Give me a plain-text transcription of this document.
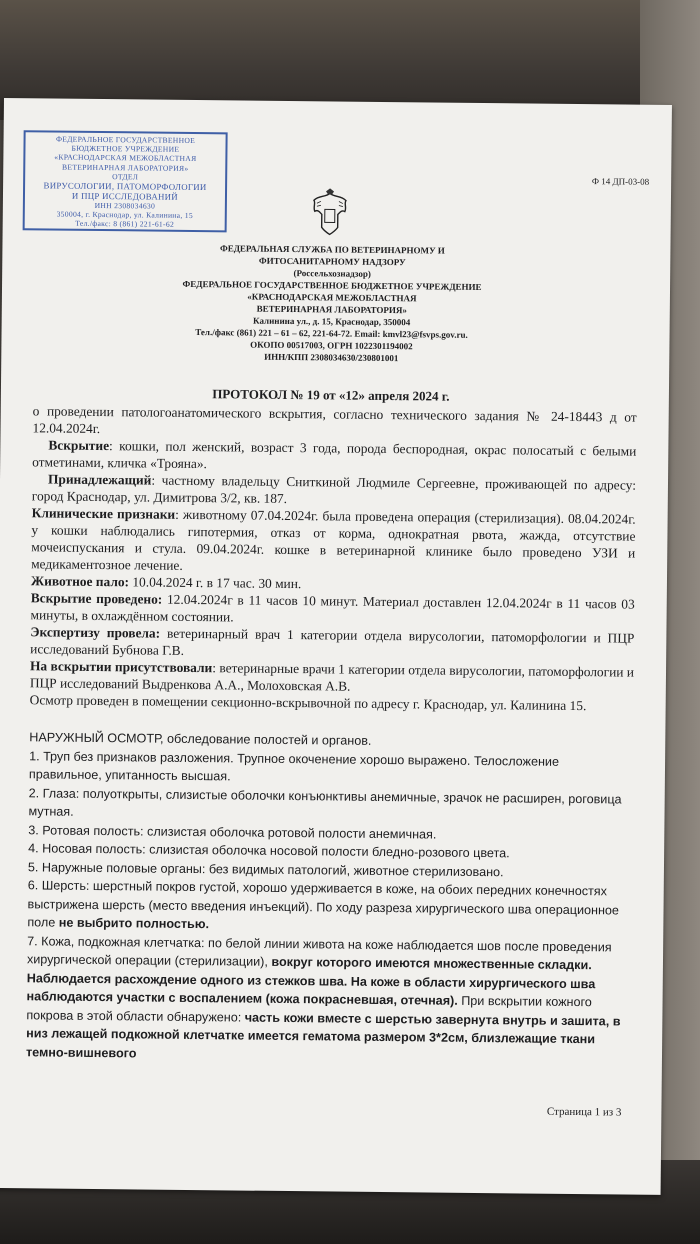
ФЕДЕРАЛЬНОЕ ГОСУДАРСТВЕННОЕ
БЮДЖЕТНОЕ УЧРЕЖДЕНИЕ
«КРАСНОДАРСКАЯ МЕЖОБЛАСТНАЯ
ВЕТЕРИНАРНАЯ ЛАБОРАТОРИЯ»
ОТДЕЛ
ВИРУСОЛОГИИ, ПАТОМОРФОЛОГИИ
И ПЦР ИССЛЕДОВАНИЙ
ИНН 2308034630
350004, г. Краснодар, ул. Калинина, 15
Тел./факс: 8 (861) 221-61-62
Ф 14 ДП-03-08
ФЕДЕРАЛЬНАЯ СЛУЖБА ПО ВЕТЕРИНАРНОМУ И
ФИТОСАНИТАРНОМУ НАДЗОРУ
(Россельхознадзор)
ФЕДЕРАЛЬНОЕ ГОСУДАРСТВЕННОЕ БЮДЖЕТНОЕ УЧРЕЖДЕНИЕ
«КРАСНОДАРСКАЯ МЕЖОБЛАСТНАЯ
ВЕТЕРИНАРНАЯ ЛАБОРАТОРИЯ»
Калинина ул., д. 15, Краснодар, 350004
Тел./факс (861) 221 – 61 – 62, 221-64-72. Email: kmvl23@fsvps.gov.ru.
ОКОПО 00517003, ОГРН 1022301194002
ИНН/КПП 2308034630/230801001
ПРОТОКОЛ № 19 от «12» апреля 2024 г.

о проведении патологоанатомического вскрытия, согласно технического задания № 24-18443 д от 12.04.2024г.

Вскрытие: кошки, пол женский, возраст 3 года, порода беспородная, окрас полосатый с белыми отметинами, кличка «Трояна».

Принадлежащий: частному владельцу Сниткиной Людмиле Сергеевне, проживающей по адресу: город Краснодар, ул. Димитрова 3/2, кв. 187.

Клинические признаки: животному 07.04.2024г. была проведена операция (стерилизация). 08.04.2024г. у кошки наблюдались гипотермия, отказ от корма, однократная рвота, жажда, отсутствие мочеиспускания и стула. 09.04.2024г. кошке в ветеринарной клинике было проведено УЗИ и медикаментозное лечение.

Животное пало: 10.04.2024 г. в 17 час. 30 мин.

Вскрытие проведено: 12.04.2024г в 11 часов 10 минут. Материал доставлен 12.04.2024г в 11 часов 03 минуты, в охлаждённом состоянии.

Экспертизу провела: ветеринарный врач 1 категории отдела вирусологии, патоморфологии и ПЦР исследований Бубнова Г.В.

На вскрытии присутствовали: ветеринарные врачи 1 категории отдела вирусологии, патоморфологии и ПЦР исследований Выдренкова А.А., Молоховская А.В.

Осмотр проведен в помещении секционно-вскрывочной по адресу г. Краснодар, ул. Калинина 15.

НАРУЖНЫЙ ОСМОТР, обследование полостей и органов.

1. Труп без признаков разложения. Трупное окоченение хорошо выражено. Телосложение правильное, упитанность высшая.

2. Глаза: полуоткрыты, слизистые оболочки конъюнктивы анемичные, зрачок не расширен, роговица мутная.

3. Ротовая полость: слизистая оболочка ротовой полости анемичная.

4. Носовая полость: слизистая оболочка носовой полости бледно-розового цвета.

5. Наружные половые органы: без видимых патологий, животное стерилизовано.

6. Шерсть: шерстный покров густой, хорошо удерживается в коже, на обоих передних конечностях выстрижена шерсть (место введения инъекций). По ходу разреза хирургического шва операционное поле не выбрито полностью.

7. Кожа, подкожная клетчатка: по белой линии живота на коже наблюдается шов после проведения хирургической операции (стерилизации), вокруг которого имеются множественные складки. Наблюдается расхождение одного из стежков шва. На коже в области хирургического шва наблюдаются участки с воспалением (кожа покрасневшая, отечная). При вскрытии кожного покрова в этой области обнаружено: часть кожи вместе с шерстью завернута внутрь и зашита, в низ лежащей подкожной клетчатке имеется гематома размером 3*2см, близлежащие ткани темно-вишневого

Страница 1 из 3
